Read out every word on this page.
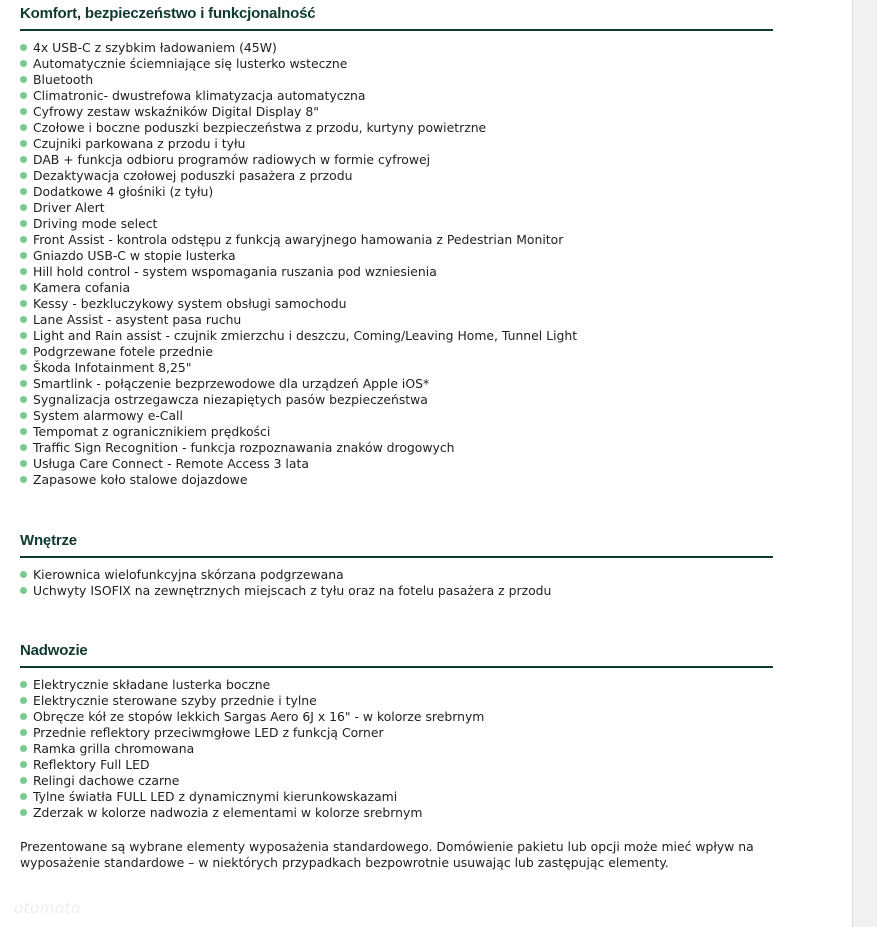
Komfort, bezpieczeństwo i funkcjonalność
4x USB-C z szybkim ładowaniem (45W)
Automatycznie ściemniające się lusterko wsteczne
Bluetooth
Climatronic- dwustrefowa klimatyzacja automatyczna
Cyfrowy zestaw wskaźników Digital Display 8"
Czołowe i boczne poduszki bezpieczeństwa z przodu, kurtyny powietrzne
Czujniki parkowana z przodu i tyłu
DAB + funkcja odbioru programów radiowych w formie cyfrowej
Dezaktywacja czołowej poduszki pasażera z przodu
Dodatkowe 4 głośniki (z tyłu)
Driver Alert
Driving mode select
Front Assist - kontrola odstępu z funkcją awaryjnego hamowania z Pedestrian Monitor
Gniazdo USB-C w stopie lusterka
Hill hold control - system wspomagania ruszania pod wzniesienia
Kamera cofania
Kessy - bezkluczykowy system obsługi samochodu
Lane Assist - asystent pasa ruchu
Light and Rain assist - czujnik zmierzchu i deszczu, Coming/Leaving Home, Tunnel Light
Podgrzewane fotele przednie
Škoda Infotainment 8,25"
Smartlink - połączenie bezprzewodowe dla urządzeń Apple iOS*
Sygnalizacja ostrzegawcza niezapiętych pasów bezpieczeństwa
System alarmowy e-Call
Tempomat z ogranicznikiem prędkości
Traffic Sign Recognition - funkcja rozpoznawania znaków drogowych
Usługa Care Connect - Remote Access 3 lata
Zapasowe koło stalowe dojazdowe
Wnętrze
Kierownica wielofunkcyjna skórzana podgrzewana
Uchwyty ISOFIX na zewnętrznych miejscach z tyłu oraz na fotelu pasażera z przodu
Nadwozie
Elektrycznie składane lusterka boczne
Elektrycznie sterowane szyby przednie i tylne
Obręcze kół ze stopów lekkich Sargas Aero 6J x 16" - w kolorze srebrnym
Przednie reflektory przeciwmgłowe LED z funkcją Corner
Ramka grilla chromowana
Reflektory Full LED
Relingi dachowe czarne
Tylne światła FULL LED z dynamicznymi kierunkowskazami
Zderzak w kolorze nadwozia z elementami w kolorze srebrnym

Prezentowane są wybrane elementy wyposażenia standardowego. Domówienie pakietu lub opcji może mieć wpływ na

wyposażenie standardowe – w niektórych przypadkach bezpowrotnie usuwając lub zastępując elementy.

otomoto
